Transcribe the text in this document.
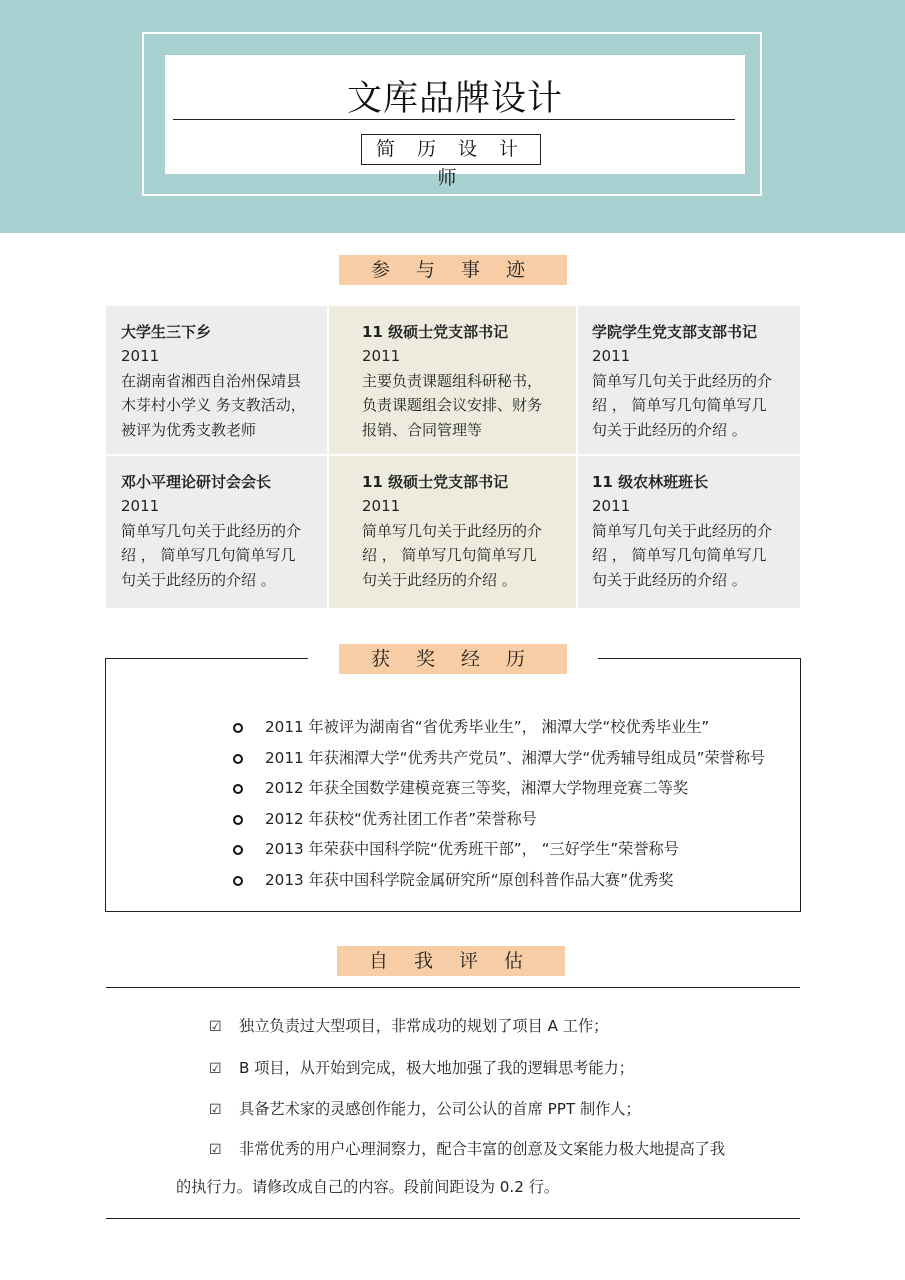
文库品牌设计
简 历 设 计 师
参 与 事 迹
大学生三下乡
2011
在湖南省湘西自治州保靖县
木芽村小学义 务支教活动，
被评为优秀支教老师
11 级硕士党支部书记
2011
主要负责课题组科研秘书，
负责课题组会议安排、财务
报销、合同管理等
学院学生党支部支部书记
2011
简单写几句关于此经历的介
绍 ， 简单写几句简单写几
句关于此经历的介绍 。
邓小平理论研讨会会长
2011
简单写几句关于此经历的介
绍 ， 简单写几句简单写几
句关于此经历的介绍 。
11 级硕士党支部书记
2011
简单写几句关于此经历的介
绍 ， 简单写几句简单写几
句关于此经历的介绍 。
11 级农林班班长
2011
简单写几句关于此经历的介
绍 ， 简单写几句简单写几
句关于此经历的介绍 。
获 奖 经 历
2011 年被评为湖南省“省优秀毕业生”， 湘潭大学“校优秀毕业生”
2011 年获湘潭大学“优秀共产党员”、湘潭大学“优秀辅导组成员”荣誉称号
2012 年获全国数学建模竞赛三等奖，湘潭大学物理竞赛二等奖
2012 年获校“优秀社团工作者”荣誉称号
2013 年荣获中国科学院“优秀班干部”， “三好学生”荣誉称号
2013 年获中国科学院金属研究所“原创科普作品大赛”优秀奖
自 我 评 估
☑ 独立负责过大型项目，非常成功的规划了项目 A 工作；
☑ B 项目，从开始到完成，极大地加强了我的逻辑思考能力；
☑ 具备艺术家的灵感创作能力，公司公认的首席 PPT 制作人；
☑ 非常优秀的用户心理洞察力，配合丰富的创意及文案能力极大地提高了我
的执行力。请修改成自己的内容。段前间距设为 0.2 行。
